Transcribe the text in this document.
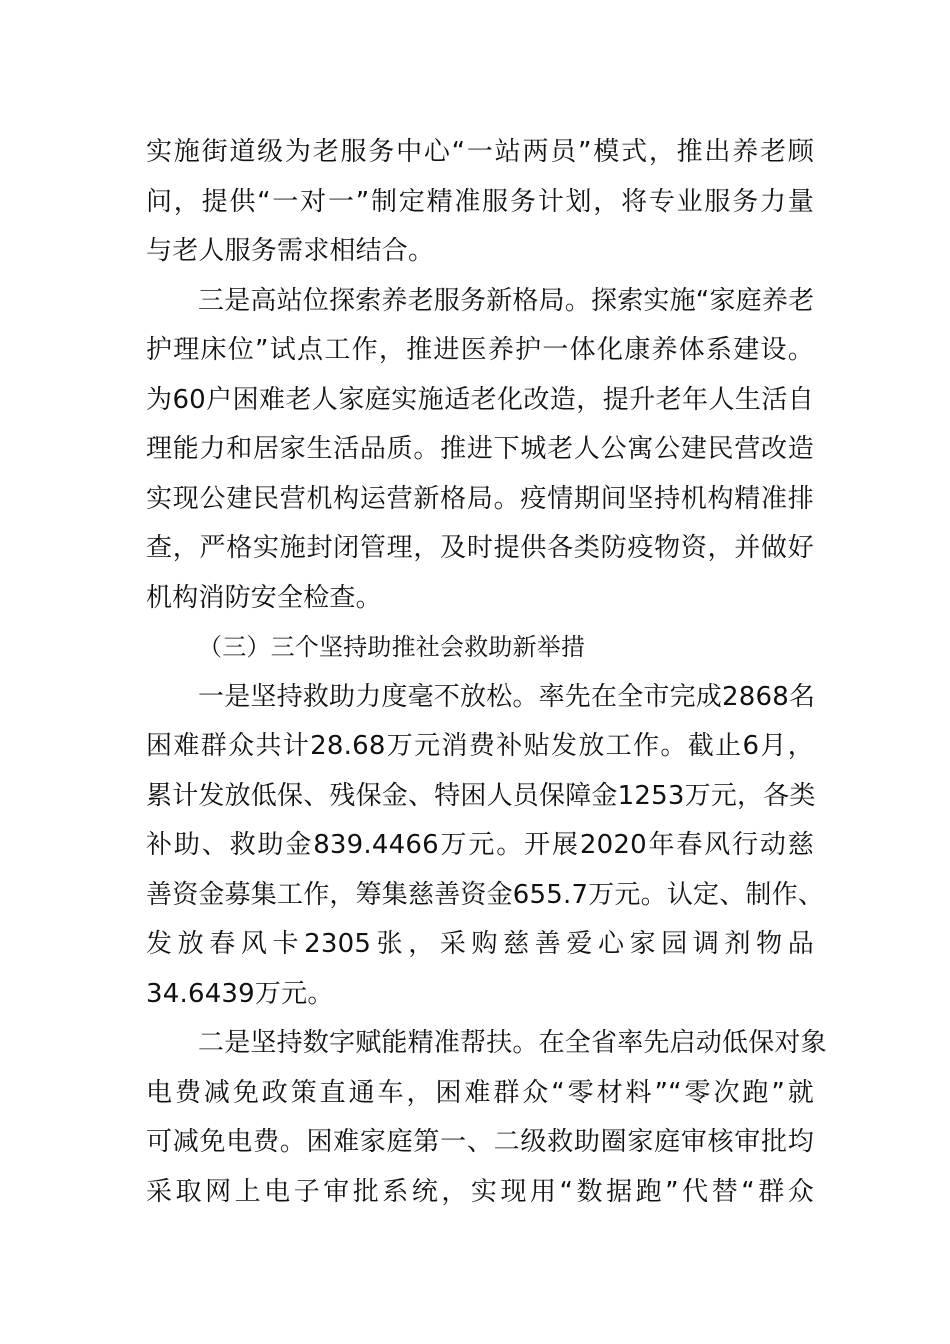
实施街道级为老服务中心“一站两员”模式，推出养老顾
问，提供“一对一”制定精准服务计划，将专业服务力量
与老人服务需求相结合。

三是高站位探索养老服务新格局。探索实施“家庭养老
护理床位”试点工作，推进医养护一体化康养体系建设。
为60户困难老人家庭实施适老化改造，提升老年人生活自
理能力和居家生活品质。推进下城老人公寓公建民营改造
实现公建民营机构运营新格局。疫情期间坚持机构精准排
查，严格实施封闭管理，及时提供各类防疫物资，并做好
机构消防安全检查。

（三）三个坚持助推社会救助新举措

一是坚持救助力度毫不放松。率先在全市完成2868名
困难群众共计28.68万元消费补贴发放工作。截止6月，
累计发放低保、残保金、特困人员保障金1253万元，各类
补助、救助金839.4466万元。开展2020年春风行动慈
善资金募集工作，筹集慈善资金655.7万元。认定、制作、
发放春风卡2305张，采购慈善爱心家园调剂物品
34.6439万元。

二是坚持数字赋能精准帮扶。在全省率先启动低保对象
电费减免政策直通车，困难群众“零材料”“零次跑”就
可减免电费。困难家庭第一、二级救助圈家庭审核审批均
采取网上电子审批系统，实现用“数据跑”代替“群众
